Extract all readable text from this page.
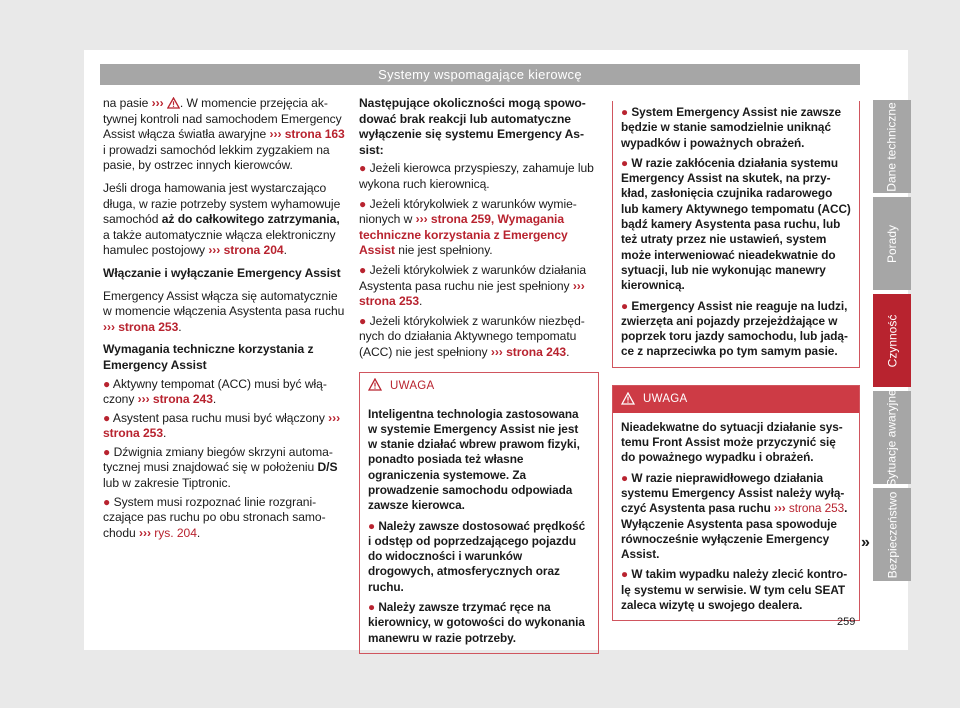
Systemy wspomagające kierowcę

na pasie ››› . W momencie przejęcia aktywnej kontroli nad samochodem Emergency Assist włącza światła awaryjne ››› strona 163 i prowadzi samochód lekkim zygzakiem na pasie, by ostrzec innych kierowców.

Jeśli droga hamowania jest wystarczająco długa, w razie potrzeby system wyhamowuje samochód aż do całkowitego zatrzymania, a także automatycznie włącza elektroniczny hamulec postojowy ››› strona 204.

Włączanie i wyłączanie Emergency Assist

Emergency Assist włącza się automatycznie w momencie włączenia Asystenta pasa ruchu ››› strona 253.

Wymagania techniczne korzystania z Emergency Assist

● Aktywny tempomat (ACC) musi być włączony ››› strona 243.

● Asystent pasa ruchu musi być włączony ››› strona 253.

● Dźwignia zmiany biegów skrzyni automatycznej musi znajdować się w położeniu D/S lub w zakresie Tiptronic.

● System musi rozpoznać linie rozgraniczające pas ruchu po obu stronach samochodu ››› rys. 204.

Następujące okoliczności mogą spowodować brak reakcji lub automatyczne wyłączenie się systemu Emergency Assist:

● Jeżeli kierowca przyspieszy, zahamuje lub wykona ruch kierownicą.

● Jeżeli którykolwiek z warunków wymienionych w ››› strona 259, Wymagania techniczne korzystania z Emergency Assist nie jest spełniony.

● Jeżeli którykolwiek z warunków działania Asystenta pasa ruchu nie jest spełniony ››› strona 253.

● Jeżeli którykolwiek z warunków niezbędnych do działania Aktywnego tempomatu (ACC) nie jest spełniony ››› strona 243.

UWAGA

Inteligentna technologia zastosowana w systemie Emergency Assist nie jest w stanie działać wbrew prawom fizyki, ponadto posiada też własne ograniczenia systemowe. Za prowadzenie samochodu odpowiada zawsze kierowca.

● Należy zawsze dostosować prędkość i odstęp od poprzedzającego pojazdu do widoczności i warunków drogowych, atmosferycznych oraz ruchu.

● Należy zawsze trzymać ręce na kierownicy, w gotowości do wykonania manewru w razie potrzeby.

● System Emergency Assist nie zawsze będzie w stanie samodzielnie uniknąć wypadków i poważnych obrażeń.

● W razie zakłócenia działania systemu Emergency Assist na skutek, na przykład, zasłonięcia czujnika radarowego lub kamery Aktywnego tempomatu (ACC) bądź kamery Asystenta pasa ruchu, lub też utraty przez nie ustawień, system może interweniować nieadekwatnie do sytuacji, lub nie wykonując manewry kierownicą.

● Emergency Assist nie reaguje na ludzi, zwierzęta ani pojazdy przejeżdżające w poprzek toru jazdy samochodu, lub jadące z naprzeciwka po tym samym pasie.

UWAGA

Nieadekwatne do sytuacji działanie systemu Front Assist może przyczynić się do poważnego wypadku i obrażeń.

● W razie nieprawidłowego działania systemu Emergency Assist należy wyłączyć Asystenta pasa ruchu ››› strona 253. Wyłączenie Asystenta pasa spowoduje równocześnie wyłączenie Emergency Assist.

● W takim wypadku należy zlecić kontrolę systemu w serwisie. W tym celu SEAT zaleca wizytę u swojego dealera.

»
259
Dane techniczne
Porady
Czynność
Sytuacje awaryjne
Bezpieczeństwo
